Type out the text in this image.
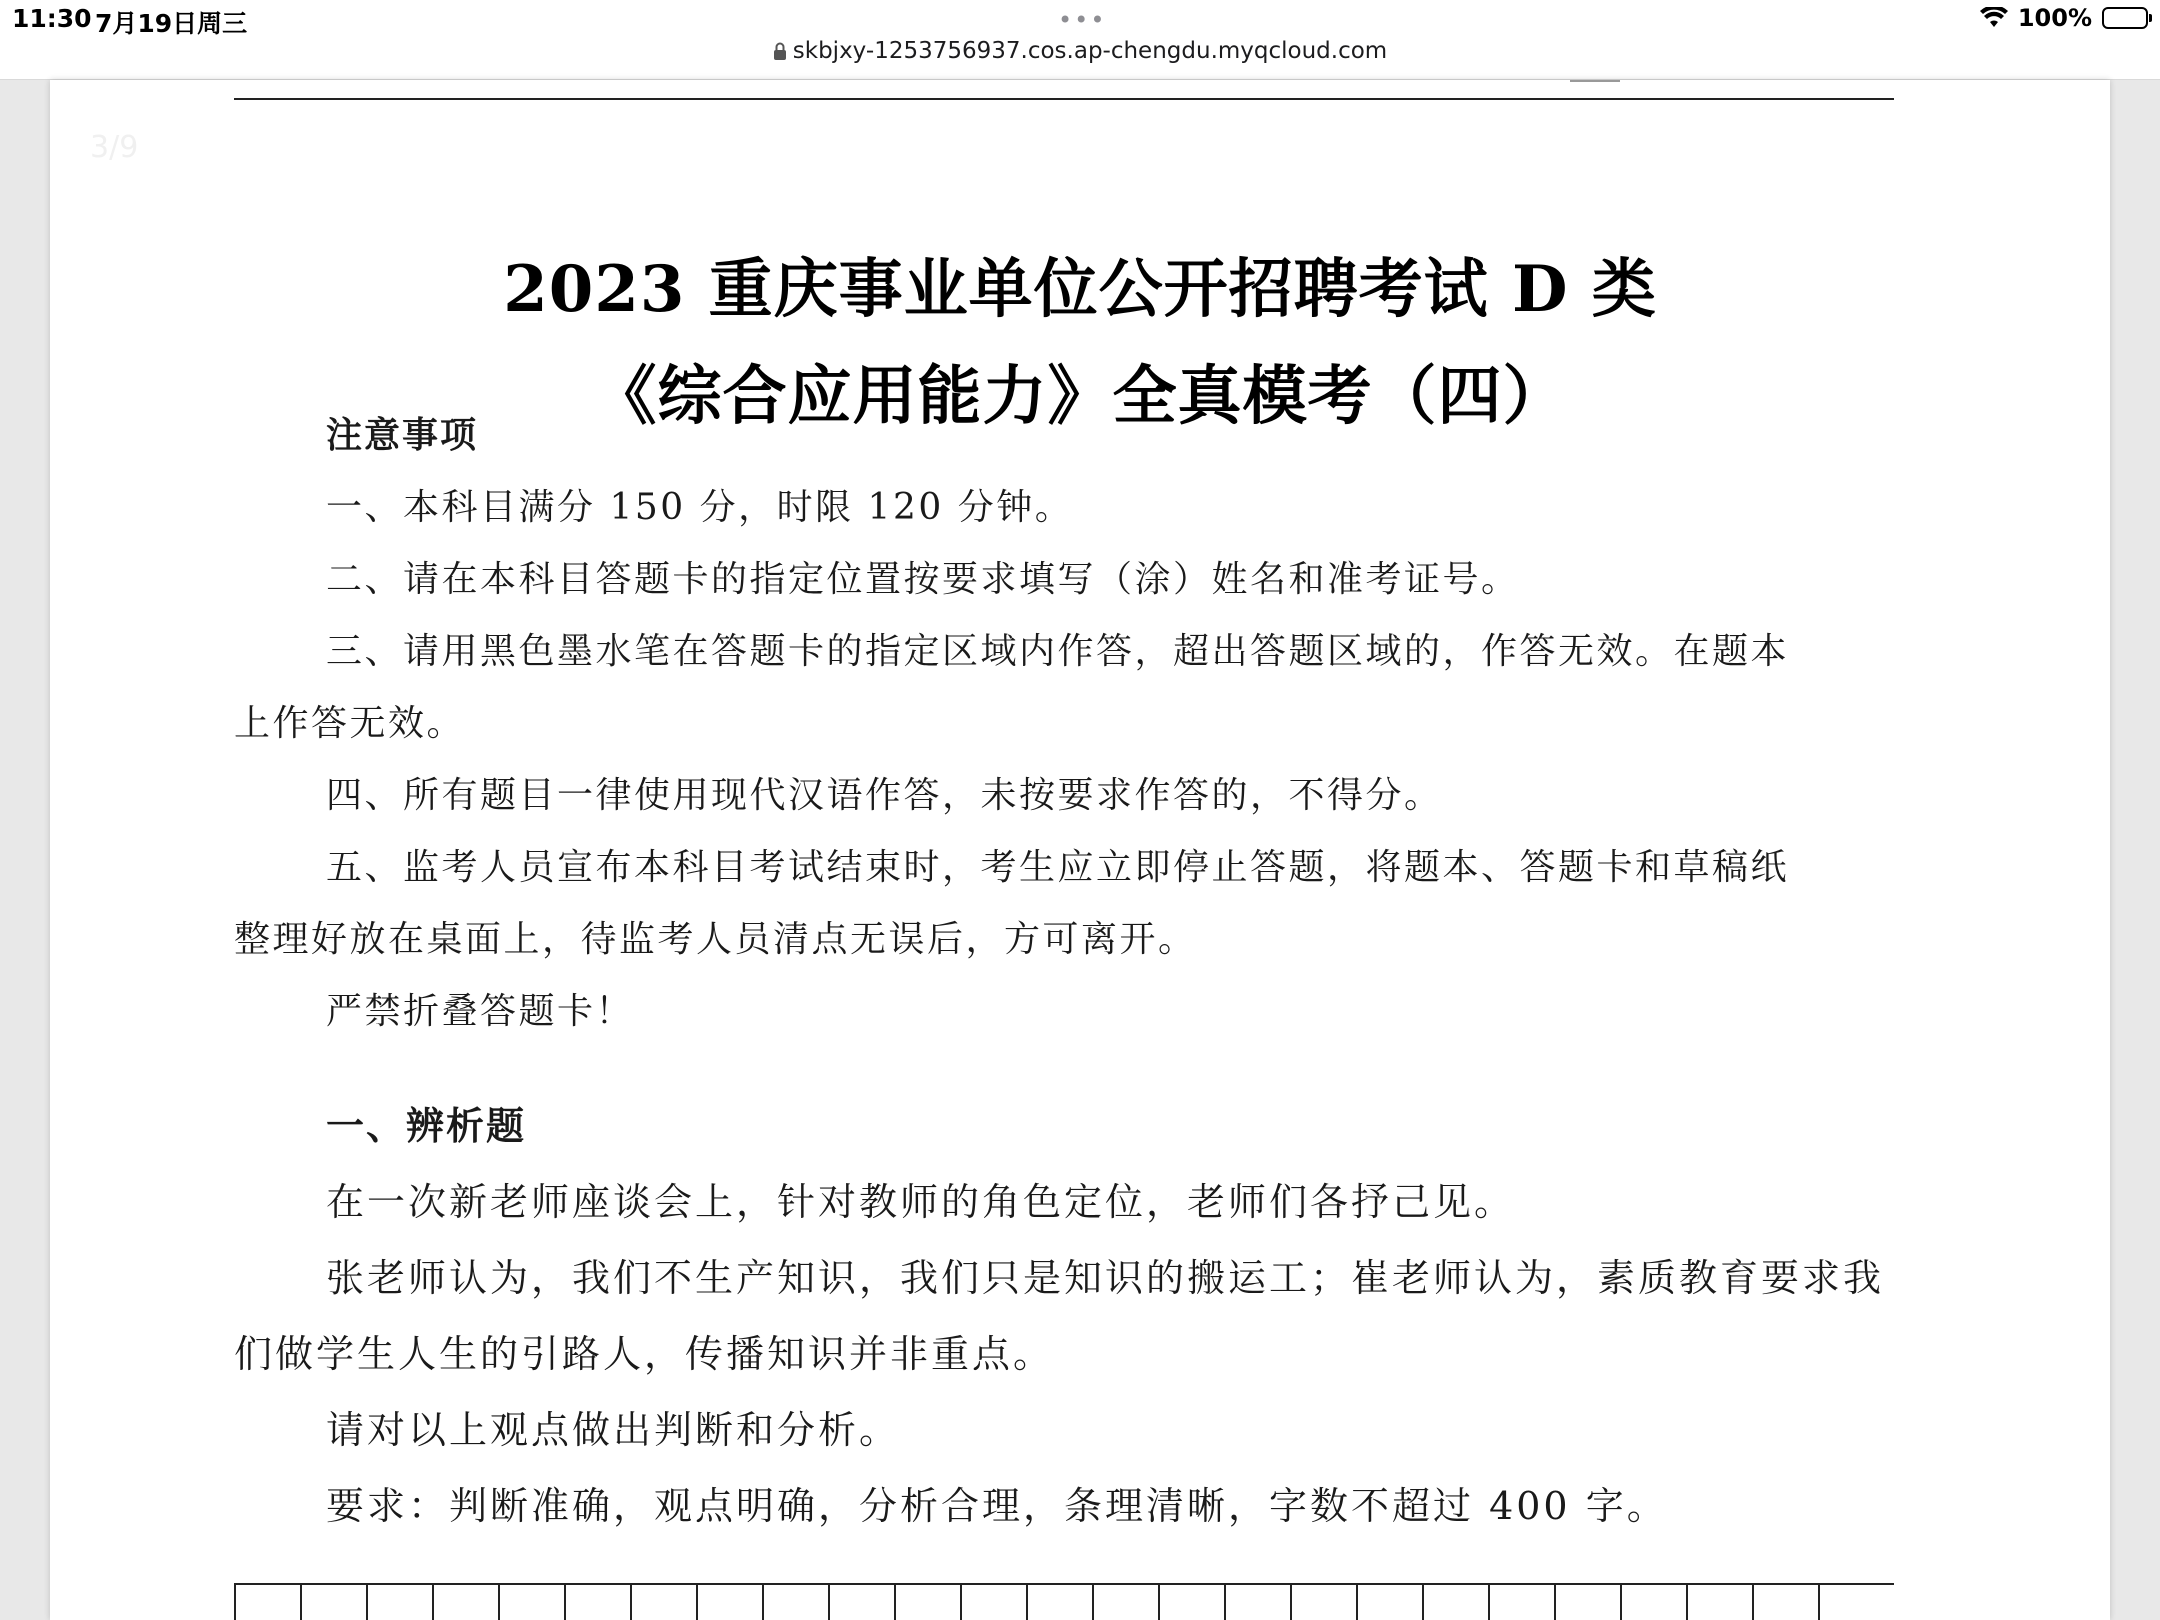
11:30 7月19日周三	•••	100%
skbjxy-1253756937.cos.ap-chengdu.myqcloud.com
3/9
2023 重庆事业单位公开招聘考试 D 类
《综合应用能力》全真模考（四）
注意事项
一、本科目满分 150 分，时限 120 分钟。
二、请在本科目答题卡的指定位置按要求填写（涂）姓名和准考证号。
三、请用黑色墨水笔在答题卡的指定区域内作答，超出答题区域的，作答无效。在题本
上作答无效。
四、所有题目一律使用现代汉语作答，未按要求作答的，不得分。
五、监考人员宣布本科目考试结束时，考生应立即停止答题，将题本、答题卡和草稿纸
整理好放在桌面上，待监考人员清点无误后，方可离开。
严禁折叠答题卡！
一、辨析题
在一次新老师座谈会上，针对教师的角色定位，老师们各抒己见。
张老师认为，我们不生产知识，我们只是知识的搬运工；崔老师认为，素质教育要求我
们做学生人生的引路人，传播知识并非重点。
请对以上观点做出判断和分析。
要求：判断准确，观点明确，分析合理，条理清晰，字数不超过 400 字。
